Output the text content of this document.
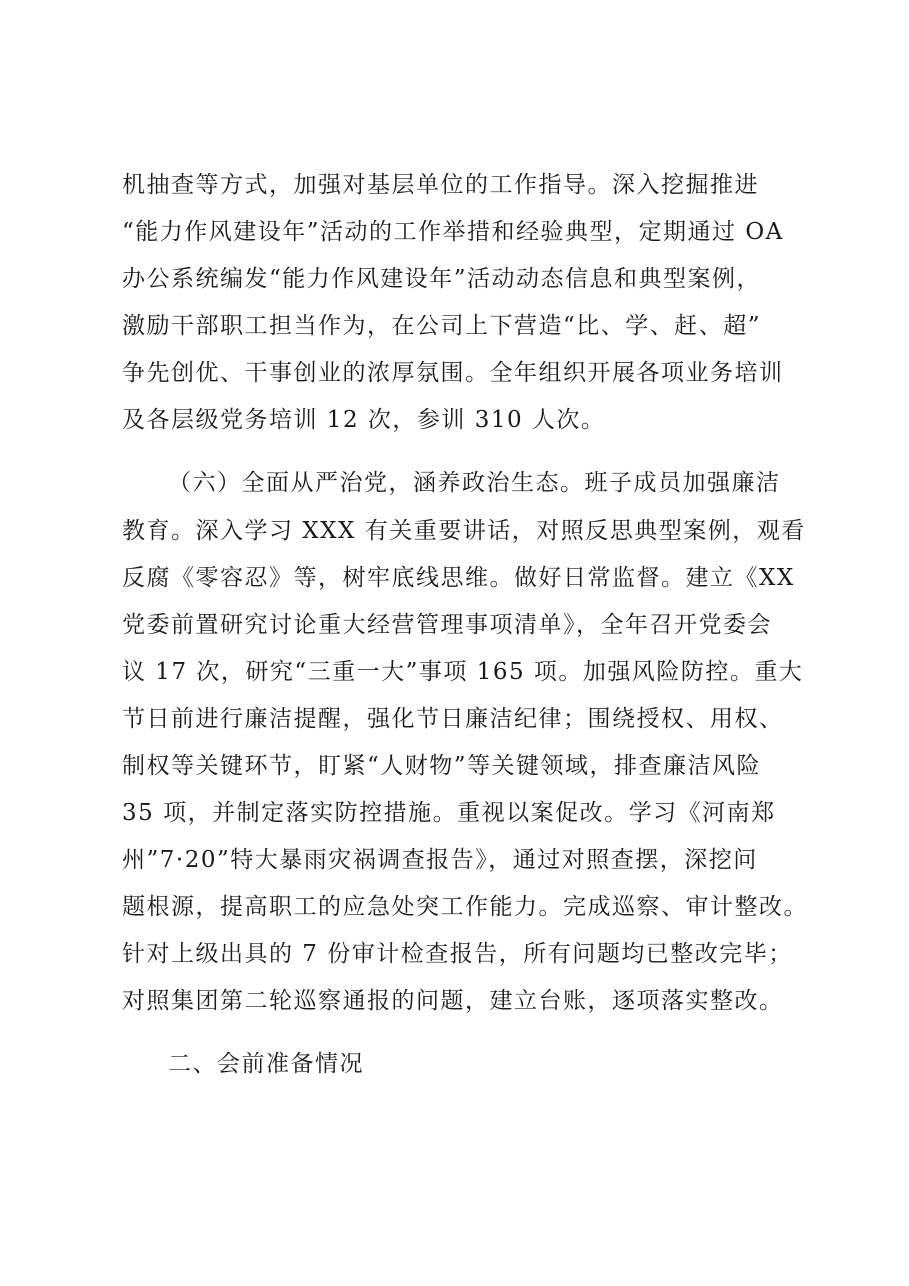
机抽查等方式，加强对基层单位的工作指导。深入挖掘推进
“能力作风建设年”活动的工作举措和经验典型，定期通过 OA
办公系统编发“能力作风建设年”活动动态信息和典型案例，
激励干部职工担当作为，在公司上下营造“比、学、赶、超”
争先创优、干事创业的浓厚氛围。全年组织开展各项业务培训
及各层级党务培训 12 次，参训 310 人次。
（六）全面从严治党，涵养政治生态。班子成员加强廉洁
教育。深入学习 XXX 有关重要讲话，对照反思典型案例，观看
反腐《零容忍》等，树牢底线思维。做好日常监督。建立《XX
党委前置研究讨论重大经营管理事项清单》，全年召开党委会
议 17 次，研究“三重一大”事项 165 项。加强风险防控。重大
节日前进行廉洁提醒，强化节日廉洁纪律；围绕授权、用权、
制权等关键环节，盯紧“人财物”等关键领域，排查廉洁风险
35 项，并制定落实防控措施。重视以案促改。学习《河南郑
州”7·20”特大暴雨灾祸调查报告》，通过对照查摆，深挖问
题根源，提高职工的应急处突工作能力。完成巡察、审计整改。
针对上级出具的 7 份审计检查报告，所有问题均已整改完毕；
对照集团第二轮巡察通报的问题，建立台账，逐项落实整改。
二、会前准备情况
